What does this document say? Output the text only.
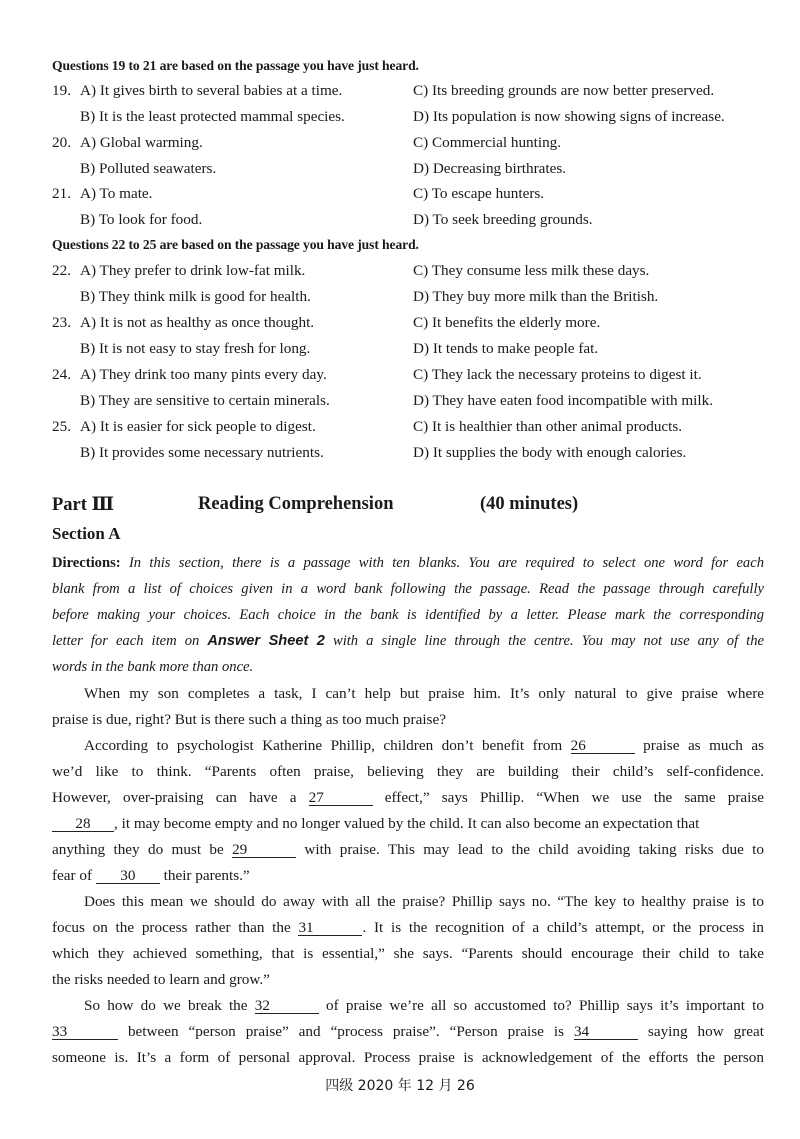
Questions 19 to 21 are based on the passage you have just heard.
19. A) It gives birth to several babies at a time.	C) Its breeding grounds are now better preserved.
B) It is the least protected mammal species.	D) Its population is now showing signs of increase.
20. A) Global warming.	C) Commercial hunting.
B) Polluted seawaters.	D) Decreasing birthrates.
21. A) To mate.	C) To escape hunters.
B) To look for food.	D) To seek breeding grounds.
Questions 22 to 25 are based on the passage you have just heard.
22. A) They prefer to drink low-fat milk.	C) They consume less milk these days.
B) They think milk is good for health.	D) They buy more milk than the British.
23. A) It is not as healthy as once thought.	C) It benefits the elderly more.
B) It is not easy to stay fresh for long.	D) It tends to make people fat.
24. A) They drink too many pints every day.	C) They lack the necessary proteins to digest it.
B) They are sensitive to certain minerals.	D) They have eaten food incompatible with milk.
25. A) It is easier for sick people to digest.	C) It is healthier than other animal products.
B) It provides some necessary nutrients.	D) It supplies the body with enough calories.
Part Ⅲ	Reading Comprehension	(40 minutes)
Section A
Directions: In this section, there is a passage with ten blanks. You are required to select one word for each
blank from a list of choices given in a word bank following the passage. Read the passage through carefully
before making your choices. Each choice in the bank is identified by a letter. Please mark the corresponding
letter for each item on Answer Sheet 2 with a single line through the centre. You may not use any of the
words in the bank more than once.
When my son completes a task, I can’t help but praise him. It’s only natural to give praise where
praise is due, right? But is there such a thing as too much praise?
According to psychologist Katherine Phillip, children don’t benefit from 26	praise as much as
we’d like to think. “Parents often praise, believing they are building their child’s self-confidence.
However, over-praising can have a 27	effect,” says Phillip. “When we use the same praise
28 , it may become empty and no longer valued by the child. It can also become an expectation that
anything they do must be 29	with praise. This may lead to the child avoiding taking risks due to
fear of 30 their parents.”
Does this mean we should do away with all the praise? Phillip says no. “The key to healthy praise is to
focus on the process rather than the 31	. It is the recognition of a child’s attempt, or the process in
which they achieved something, that is essential,” she says. “Parents should encourage their child to take
the risks needed to learn and grow.”
So how do we break the 32	of praise we’re all so accustomed to? Phillip says it’s important to
33	between “person praise” and “process praise”. “Person praise is 34	saying how great
someone is. It’s a form of personal approval. Process praise is acknowledgement of the efforts the person
四级 2020 年 12 月 26
